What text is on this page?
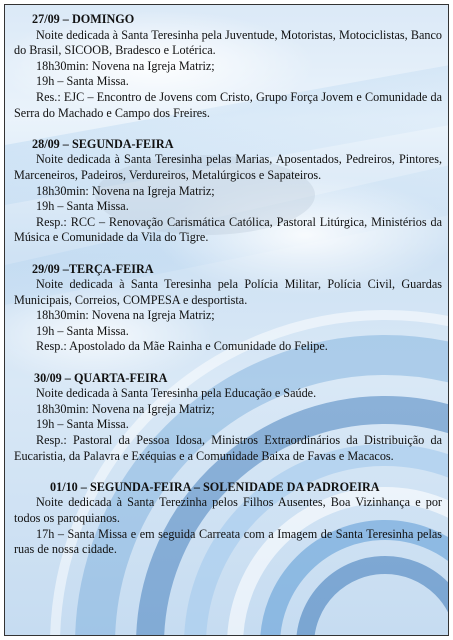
27/09 – DOMINGO

Noite dedicada à Santa Teresinha pela Juventude, Motoristas, Motociclistas, Banco do Brasil, SICOOB, Bradesco e Lotérica.

18h30min: Novena na Igreja Matriz;

19h – Santa Missa.

Res.: EJC – Encontro de Jovens com Cristo, Grupo Força Jovem e Comunidade da Serra do Machado e Campo dos Freires.

28/09 – SEGUNDA-FEIRA

Noite dedicada à Santa Teresinha pelas Marias, Aposentados, Pedreiros, Pintores, Marceneiros, Padeiros, Verdureiros, Metalúrgicos e Sapateiros.

18h30min: Novena na Igreja Matriz;

19h – Santa Missa.

Resp.: RCC – Renovação Carismática Católica, Pastoral Litúrgica, Ministérios da Música e Comunidade da Vila do Tigre.

29/09 –TERÇA-FEIRA

Noite dedicada à Santa Teresinha pela Polícia Militar, Polícia Civil, Guardas Municipais, Correios, COMPESA e desportista.

18h30min: Novena na Igreja Matriz;

19h – Santa Missa.

Resp.: Apostolado da Mãe Rainha e Comunidade do Felipe.

30/09 – QUARTA-FEIRA

Noite dedicada à Santa Teresinha pela Educação e Saúde.

18h30min: Novena na Igreja Matriz;

19h – Santa Missa.

Resp.: Pastoral da Pessoa Idosa, Ministros Extraordinários da Distribuição da Eucaristia, da Palavra e Exéquias e a Comunidade Baixa de Favas e Macacos.

01/10 – SEGUNDA-FEIRA – SOLENIDADE DA PADROEIRA

Noite dedicada à Santa Terezinha pelos Filhos Ausentes, Boa Vizinhança e por todos os paroquianos.

17h – Santa Missa e em seguida Carreata com a Imagem de Santa Teresinha pelas ruas de nossa cidade.
